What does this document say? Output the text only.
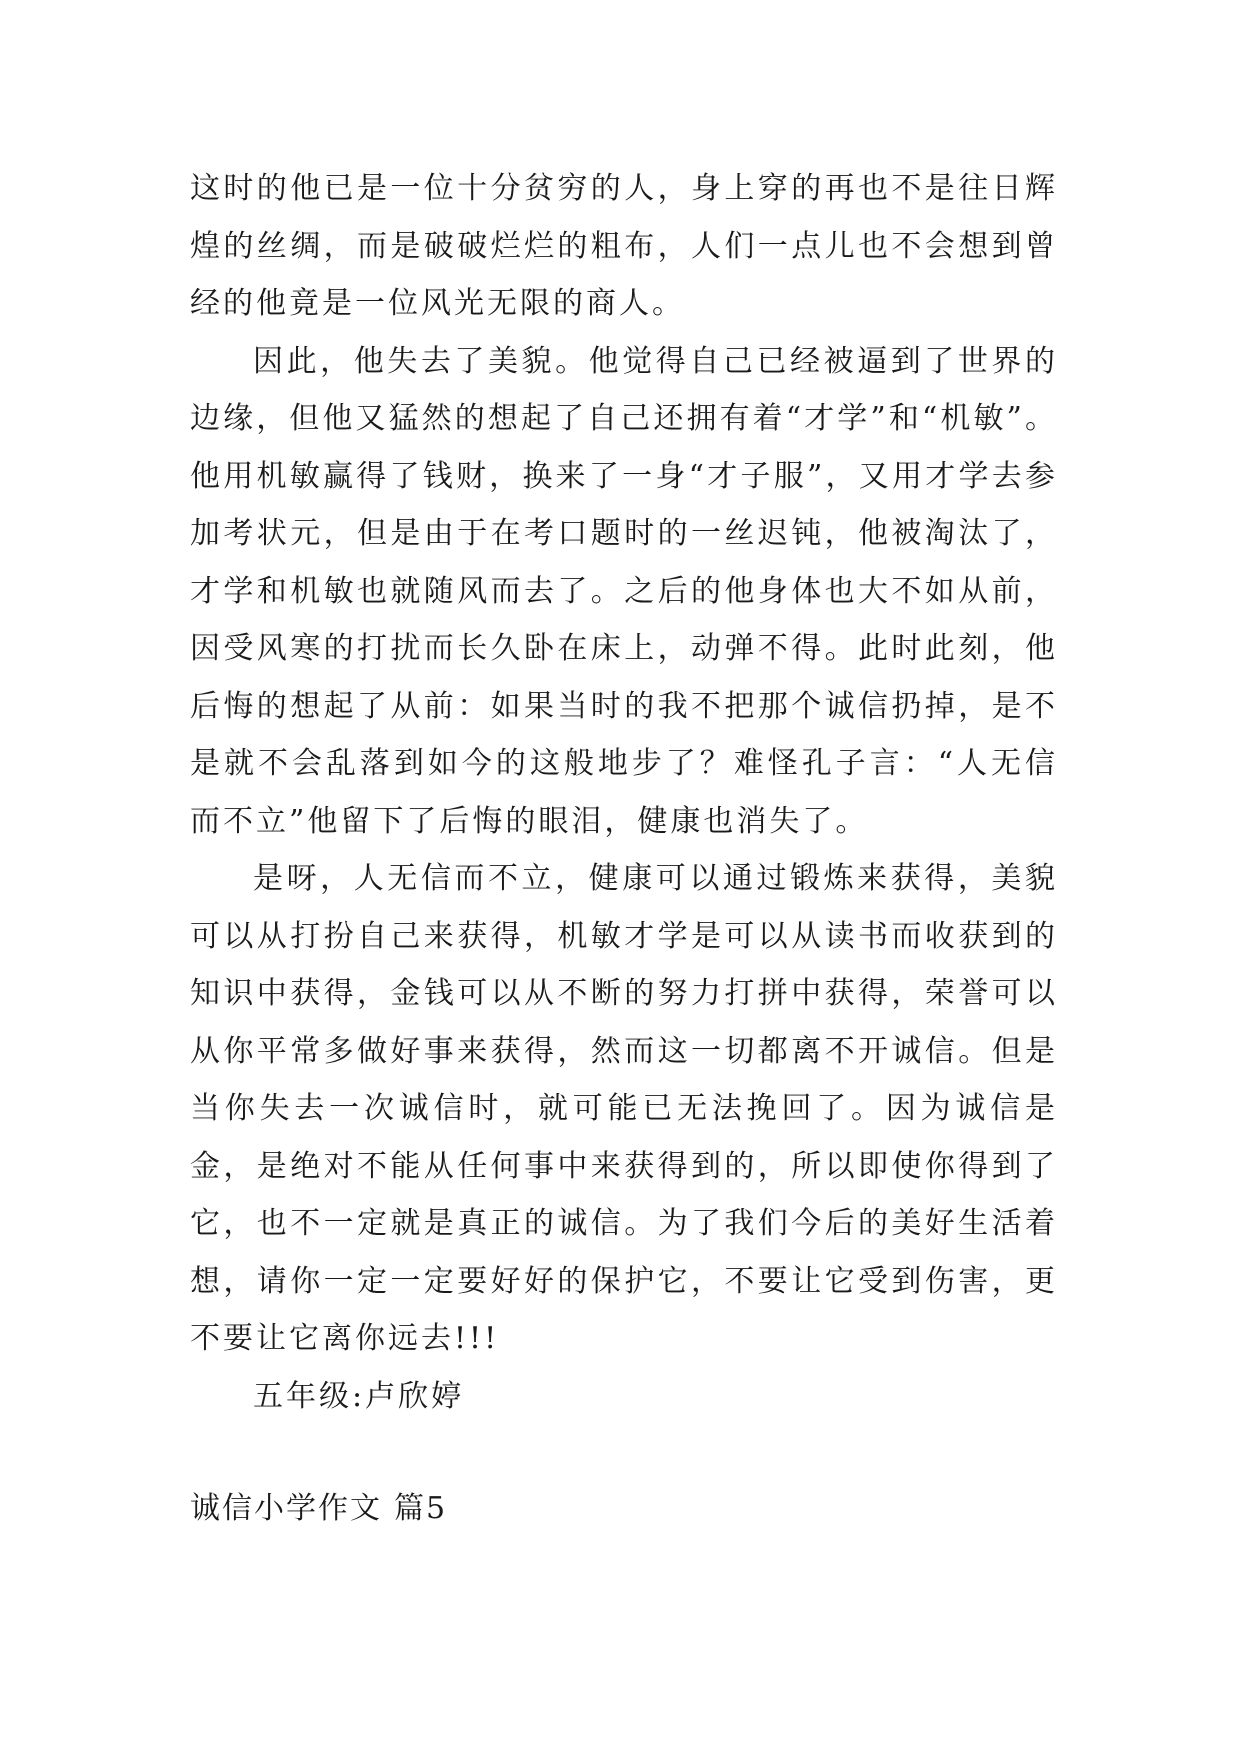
这时的他已是一位十分贫穷的人，身上穿的再也不是往日辉煌的丝绸，而是破破烂烂的粗布，人们一点儿也不会想到曾经的他竟是一位风光无限的商人。

因此，他失去了美貌。他觉得自己已经被逼到了世界的边缘，但他又猛然的想起了自己还拥有着“才学”和“机敏”。他用机敏赢得了钱财，换来了一身“才子服”，又用才学去参加考状元，但是由于在考口题时的一丝迟钝，他被淘汰了，才学和机敏也就随风而去了。之后的他身体也大不如从前，因受风寒的打扰而长久卧在床上，动弹不得。此时此刻，他后悔的想起了从前：如果当时的我不把那个诚信扔掉，是不是就不会乱落到如今的这般地步了？难怪孔子言：“人无信而不立”他留下了后悔的眼泪，健康也消失了。

是呀，人无信而不立，健康可以通过锻炼来获得，美貌可以从打扮自己来获得，机敏才学是可以从读书而收获到的知识中获得，金钱可以从不断的努力打拼中获得，荣誉可以从你平常多做好事来获得，然而这一切都离不开诚信。但是当你失去一次诚信时，就可能已无法挽回了。因为诚信是金，是绝对不能从任何事中来获得到的，所以即使你得到了它，也不一定就是真正的诚信。为了我们今后的美好生活着想，请你一定一定要好好的保护它，不要让它受到伤害，更不要让它离你远去!!!

五年级:卢欣婷

诚信小学作文 篇5
